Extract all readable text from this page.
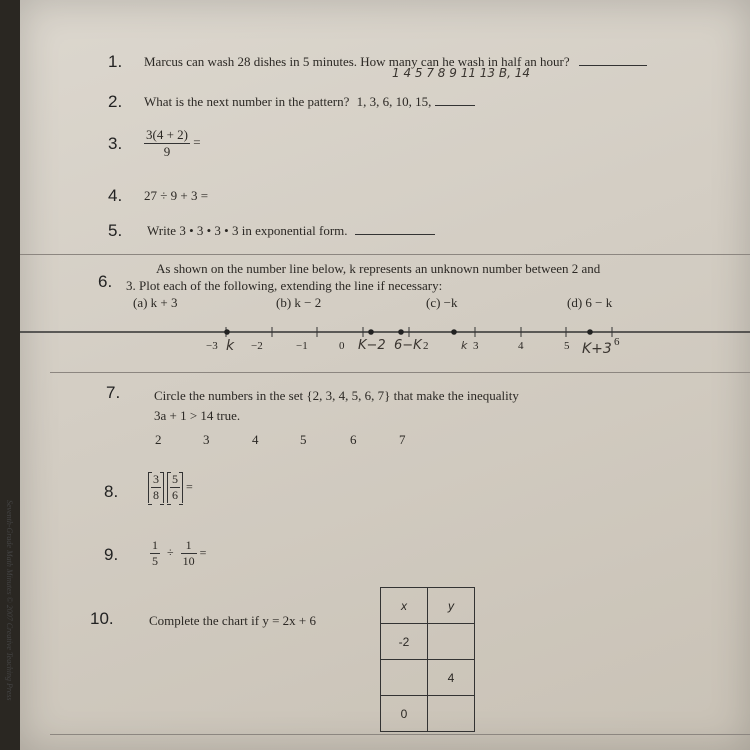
Seventh-Grade Math Minutes © 2007 Creative Teaching Press
1. Marcus can wash 28 dishes in 5 minutes. How many can he wash in half an hour?
1 4 5 7 8 9 11 13 B, 14
2. What is the next number in the pattern? 1, 3, 6, 10, 15,
3. $\frac{3(4 + 2)}{9}$ =
4. 27 ÷ 9 + 3 =
5. Write 3 • 3 • 3 • 3 in exponential form.
6.
As shown on the number line below, k represents an unknown number between 2 and
3. Plot each of the following, extending the line if necessary:
(a) k + 3	(b) k − 2	(c) −k	(d) 6 − k
−3	−2	−1	0	2	3	4	5	6
k	K−2 6−K	k	K+3
7.	Circle the numbers in the set {2, 3, 4, 5, 6, 7} that make the inequality
3a + 1 > 14 true.
2	3	4	5	6	7
8.	$\frac{3}{8}$
$\frac{5}{6}$ =
9.	$\frac{1}{5} \div \frac{1}{10}$ =
10.	Complete the chart if y = 2x + 6
x	y
-2	
	4
0	
